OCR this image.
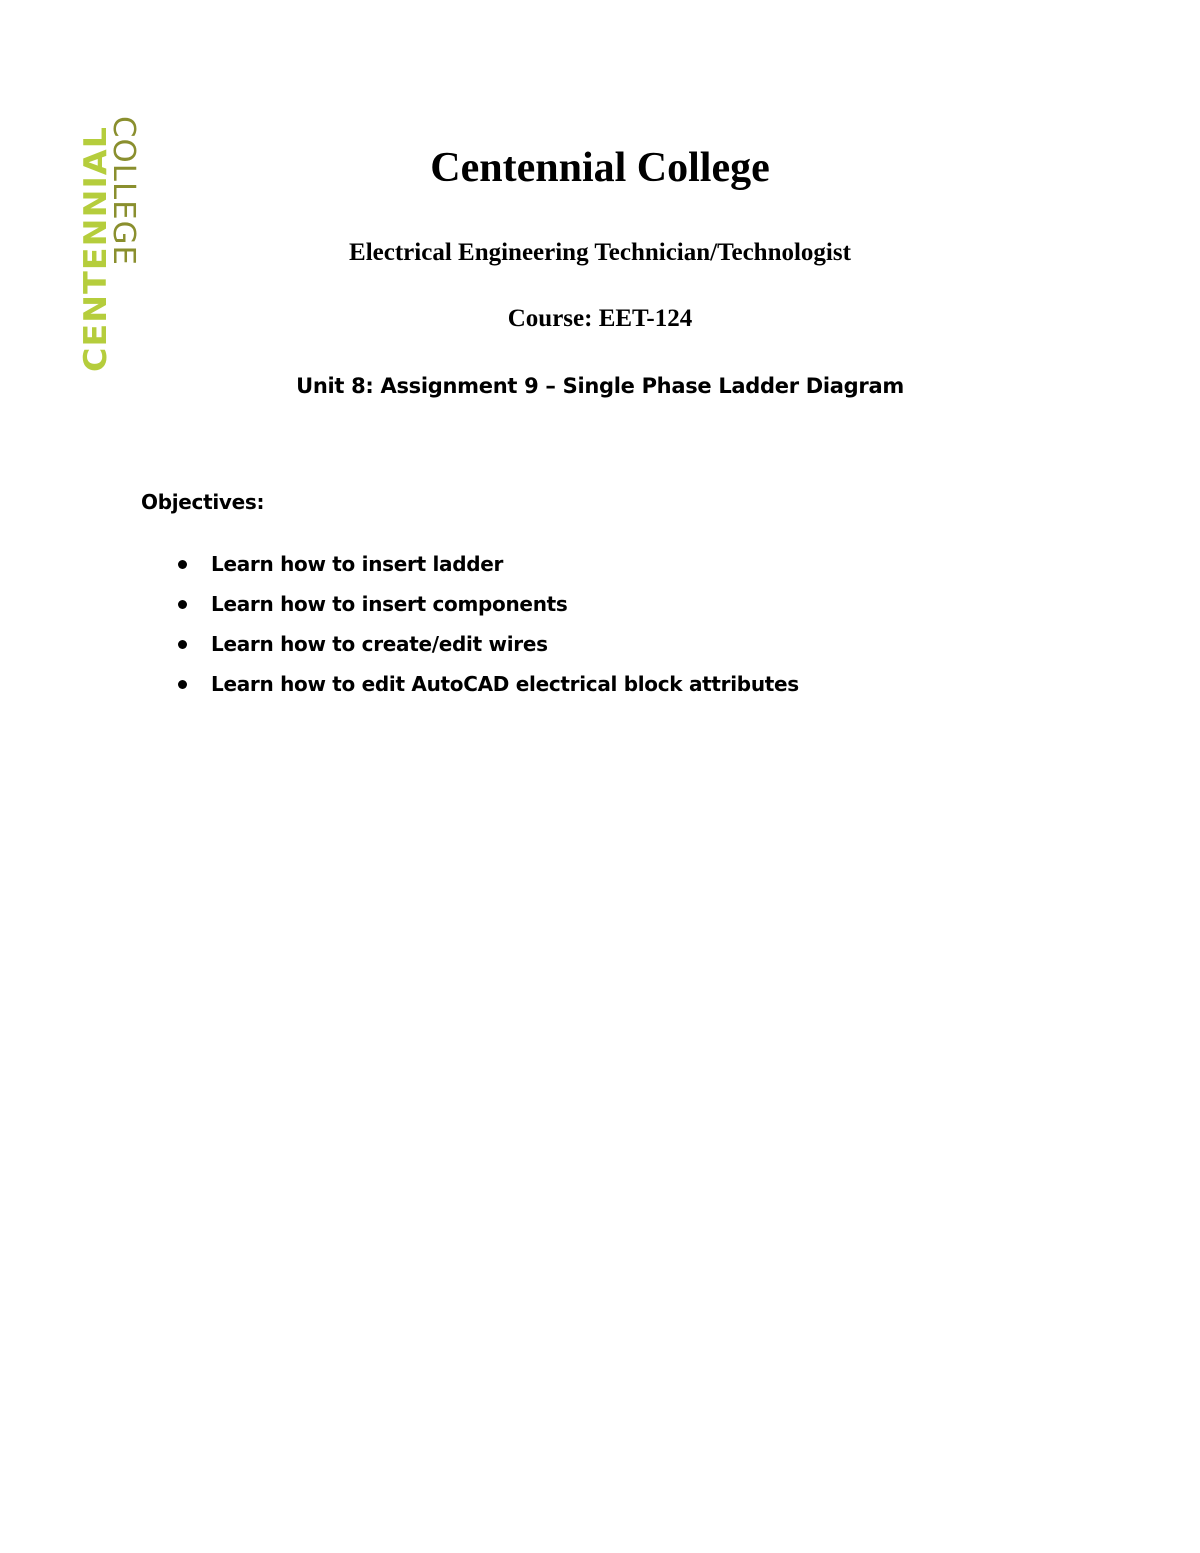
CENTENNIAL
COLLEGE	Centennial College
Electrical Engineering Technician/Technologist
Course: EET-124
Unit 8: Assignment 9 – Single Phase Ladder Diagram
Objectives:
Learn how to insert ladder
Learn how to insert components
Learn how to create/edit wires
Learn how to edit AutoCAD electrical block attributes
